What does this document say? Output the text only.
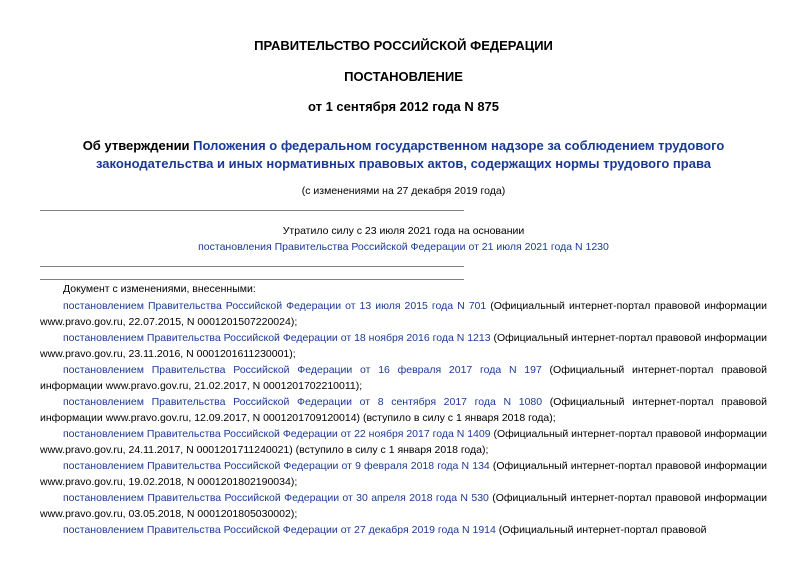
ПРАВИТЕЛЬСТВО РОССИЙСКОЙ ФЕДЕРАЦИИ
ПОСТАНОВЛЕНИЕ
от 1 сентября 2012 года N 875
Об утверждении Положения о федеральном государственном надзоре за соблюдением трудового законодательства и иных нормативных правовых актов, содержащих нормы трудового права
(с изменениями на 27 декабря 2019 года)
Утратило силу с 23 июля 2021 года на основании
постановления Правительства Российской Федерации от 21 июля 2021 года N 1230
Документ с изменениями, внесенными:

постановлением Правительства Российской Федерации от 13 июля 2015 года N 701 (Официальный интернет-портал правовой информации www.pravo.gov.ru, 22.07.2015, N 0001201507220024);

постановлением Правительства Российской Федерации от 18 ноября 2016 года N 1213 (Официальный интернет-портал правовой информации www.pravo.gov.ru, 23.11.2016, N 0001201611230001);

постановлением Правительства Российской Федерации от 16 февраля 2017 года N 197 (Официальный интернет-портал правовой информации www.pravo.gov.ru, 21.02.2017, N 0001201702210011);

постановлением Правительства Российской Федерации от 8 сентября 2017 года N 1080 (Официальный интернет-портал правовой информации www.pravo.gov.ru, 12.09.2017, N 0001201709120014) (вступило в силу с 1 января 2018 года);

постановлением Правительства Российской Федерации от 22 ноября 2017 года N 1409 (Официальный интернет-портал правовой информации www.pravo.gov.ru, 24.11.2017, N 0001201711240021) (вступило в силу с 1 января 2018 года);

постановлением Правительства Российской Федерации от 9 февраля 2018 года N 134 (Официальный интернет-портал правовой информации www.pravo.gov.ru, 19.02.2018, N 0001201802190034);

постановлением Правительства Российской Федерации от 30 апреля 2018 года N 530 (Официальный интернет-портал правовой информации www.pravo.gov.ru, 03.05.2018, N 0001201805030002);

постановлением Правительства Российской Федерации от 27 декабря 2019 года N 1914 (Официальный интернет-портал правовой
